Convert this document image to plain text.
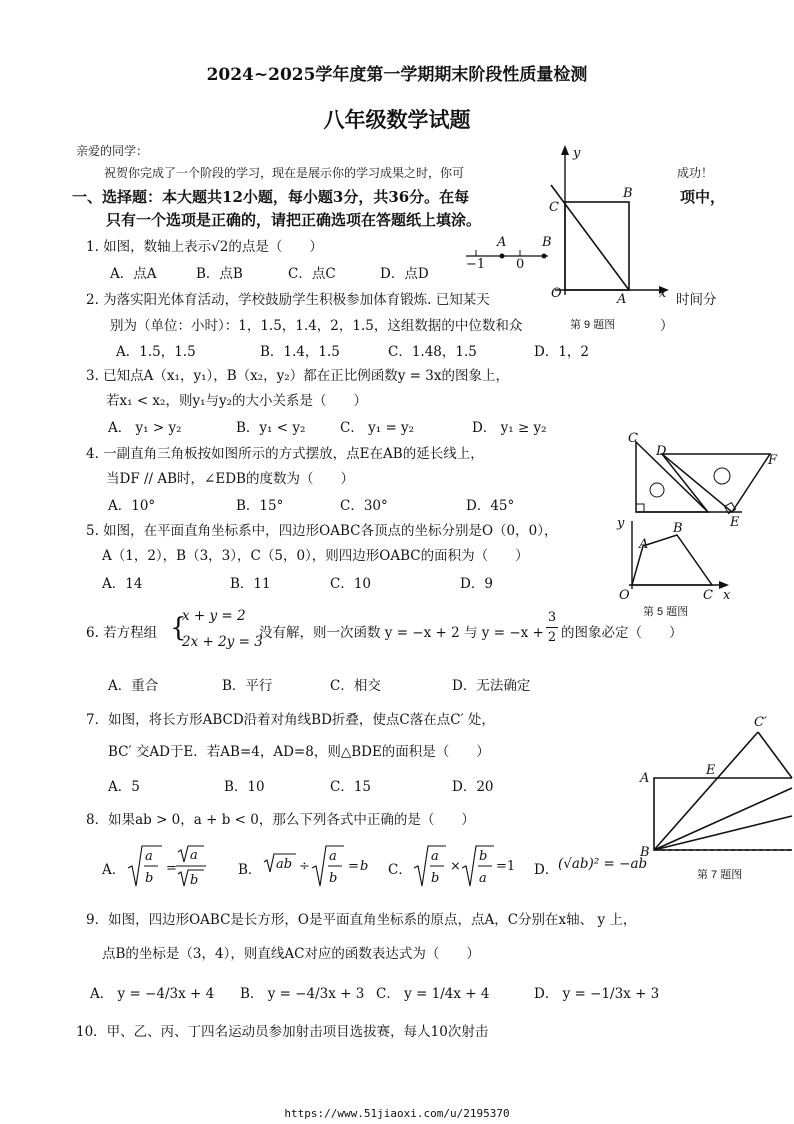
2024~2025学年度第一学期期末阶段性质量检测
八年级数学试题
亲爱的同学：
祝贺你完成了一个阶段的学习，现在是展示你的学习成果之时，你可	成功！
一、选择题：本大题共12小题，每小题3分，共36分。在每	项中，
只有一个选项是正确的，请把正确选项在答题纸上填涂。
1. 如图，数轴上表示√2的点是（　　）
A．点A	B．点B	C．点C	D．点D
A	B
−1 0
y
C
B
O	A	x
2. 为落实阳光体育活动，学校鼓励学生积极参加体育锻炼. 已知某天	时间分
别为（单位：小时）：1，1.5，1.4，2，1.5，这组数据的中位数和众	第 9 题图	）
A．1.5，1.5	B．1.4，1.5	C．1.48，1.5	D．1，2
3. 已知点A（x₁，y₁），B（x₂，y₂）都在正比例函数y = 3x的图象上，
若x₁ < x₂，则y₁与y₂的大小关系是（　　）
A． y₁ > y₂	B．y₁ < y₂	C． y₁ = y₂	D． y₁ ≥ y₂
C
D
F
E
4. 一副直角三角板按如图所示的方式摆放，点E在AB的延长线上，
当DF // AB时，∠EDB的度数为（　　）
A．10°	B．15°	C．30°	D．45°
y
A
B
O	C x
第 5 题图
5. 如图，在平面直角坐标系中，四边形OABC各顶点的坐标分别是O（0，0），
A（1，2），B（3，3），C（5，0），则四边形OABC的面积为（　　）
A．14	B．11	C．10	D．9
6. 若方程组 {
x + y = 2
2x + 2y = 3
没有解，则一次函数 y = −x + 2 与 y = −x +
3
2 的图象必定（　　）
A．重合	B．平行	C．相交	D．无法确定
7．如图，将长方形ABCD沿着对角线BD折叠，使点C落在点C′ 处，
BC′ 交AD于E．若AB=4，AD=8，则△BDE的面积是（　　）
A．5	B．10	C．15	D．20
C′
A
E
B
第 7 题图
8．如果ab > 0，a + b < 0，那么下列各式中正确的是（　　）
A．
a
b
=
a
b
B． ab ÷
a
b
= b C．
a
b
×
b
a
=1 D． (√ab)² = −ab
9．如图，四边形OABC是长方形，O是平面直角坐标系的原点，点A，C分别在x轴、 y 上，
点B的坐标是（3，4），则直线AC对应的函数表达式为（　　）
A． y = −4/3x + 4 B． y = −4/3x + 3 C． y = 1/4x + 4	D． y = −1/3x + 3
10．甲、乙、丙、丁四名运动员参加射击项目选拔赛，每人10次射击
https://www.51jiaoxi.com/u/2195370
